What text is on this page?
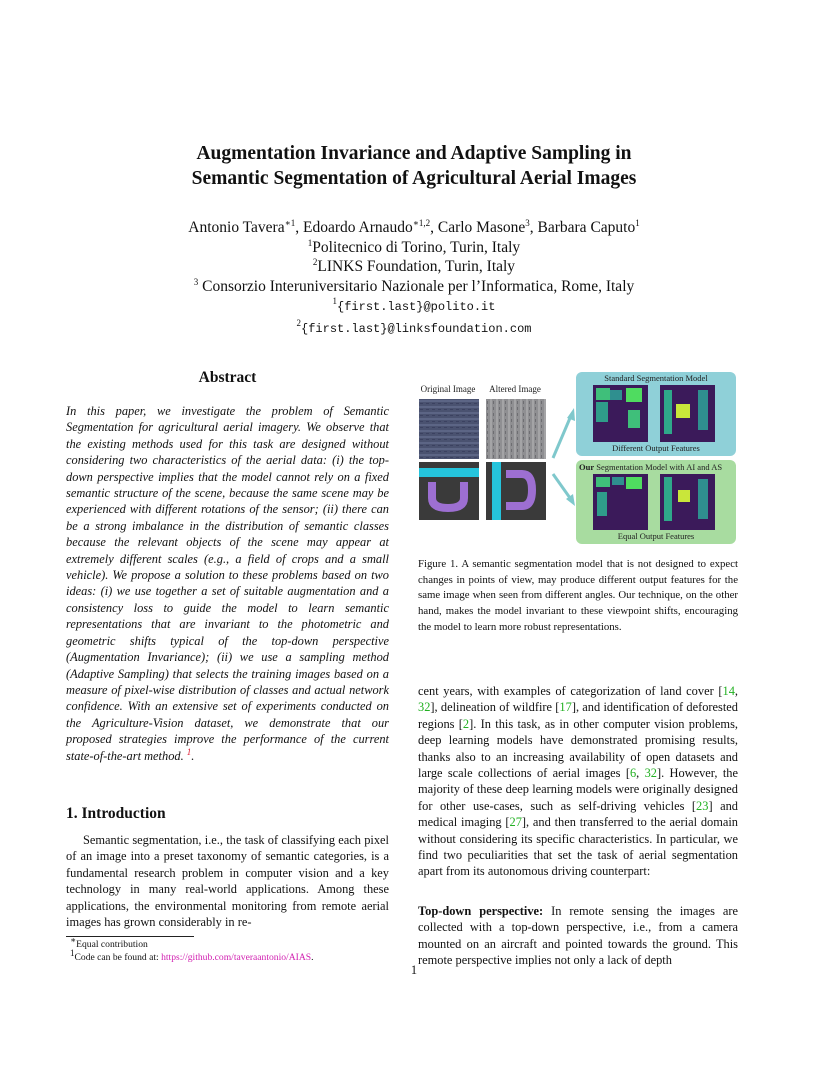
Augmentation Invariance and Adaptive Sampling in
Semantic Segmentation of Agricultural Aerial Images
Antonio Tavera$^{∗1}$, Edoardo Arnaudo$^{∗1,2}$, Carlo Masone$^3$, Barbara Caputo$^1$
$^1$Politecnico di Torino, Turin, Italy
$^2$LINKS Foundation, Turin, Italy
$^3$ Consorzio Interuniversitario Nazionale per l’Informatica, Rome, Italy
$^1${first.last}@polito.it
$^2${first.last}@linksfoundation.com
Abstract
In this paper, we investigate the problem of Semantic Segmentation for agricultural aerial imagery. We observe that the existing methods used for this task are designed without considering two characteristics of the aerial data: (i) the top-down perspective implies that the model cannot rely on a fixed semantic structure of the scene, because the same scene may be experienced with different rotations of the sensor; (ii) there can be a strong imbalance in the distribution of semantic classes because the relevant objects of the scene may appear at extremely different scales (e.g., a field of crops and a small vehicle). We propose a solution to these problems based on two ideas: (i) we use together a set of suitable augmentation and a consistency loss to guide the model to learn semantic representations that are invariant to the photometric and geometric shifts typical of the top-down perspective (Augmentation Invariance); (ii) we use a sampling method (Adaptive Sampling) that selects the training images based on a measure of pixel-wise distribution of classes and actual network confidence. With an extensive set of experiments conducted on the Agriculture-Vision dataset, we demonstrate that our proposed strategies improve the performance of the current state-of-the-art method. $^1$.
1. Introduction
Semantic segmentation, i.e., the task of classifying each pixel of an image into a preset taxonomy of semantic categories, is a fundamental research problem in computer vision and a key technology in many real-world applications. Among these applications, the environmental monitoring from remote aerial images has grown considerably in re-
∗Equal contribution
$^1$Code can be found at: https://github.com/taveraantonio/AIAS.
Original Image Altered Image
Standard Segmentation Model
Different Output Features
Our Segmentation Model with AI and AS
Equal Output Features
Figure 1. A semantic segmentation model that is not designed to expect changes in points of view, may produce different output features for the same image when seen from different angles. Our technique, on the other hand, makes the model invariant to these viewpoint shifts, encouraging the model to learn more robust representations.
cent years, with examples of categorization of land cover [14, 32], delineation of wildfire [17], and identification of deforested regions [2]. In this task, as in other computer vision problems, deep learning models have demonstrated promising results, thanks also to an increasing availability of open datasets and large scale collections of aerial images [6, 32]. However, the majority of these deep learning models were originally designed for other use-cases, such as self-driving vehicles [23] and medical imaging [27], and then transferred to the aerial domain without considering its specific characteristics. In particular, we find two peculiarities that set the task of aerial segmentation apart from its autonomous driving counterpart:
Top-down perspective: In remote sensing the images are collected with a top-down perspective, i.e., from a camera mounted on an aircraft and pointed towards the ground. This remote perspective implies not only a lack of depth
1
